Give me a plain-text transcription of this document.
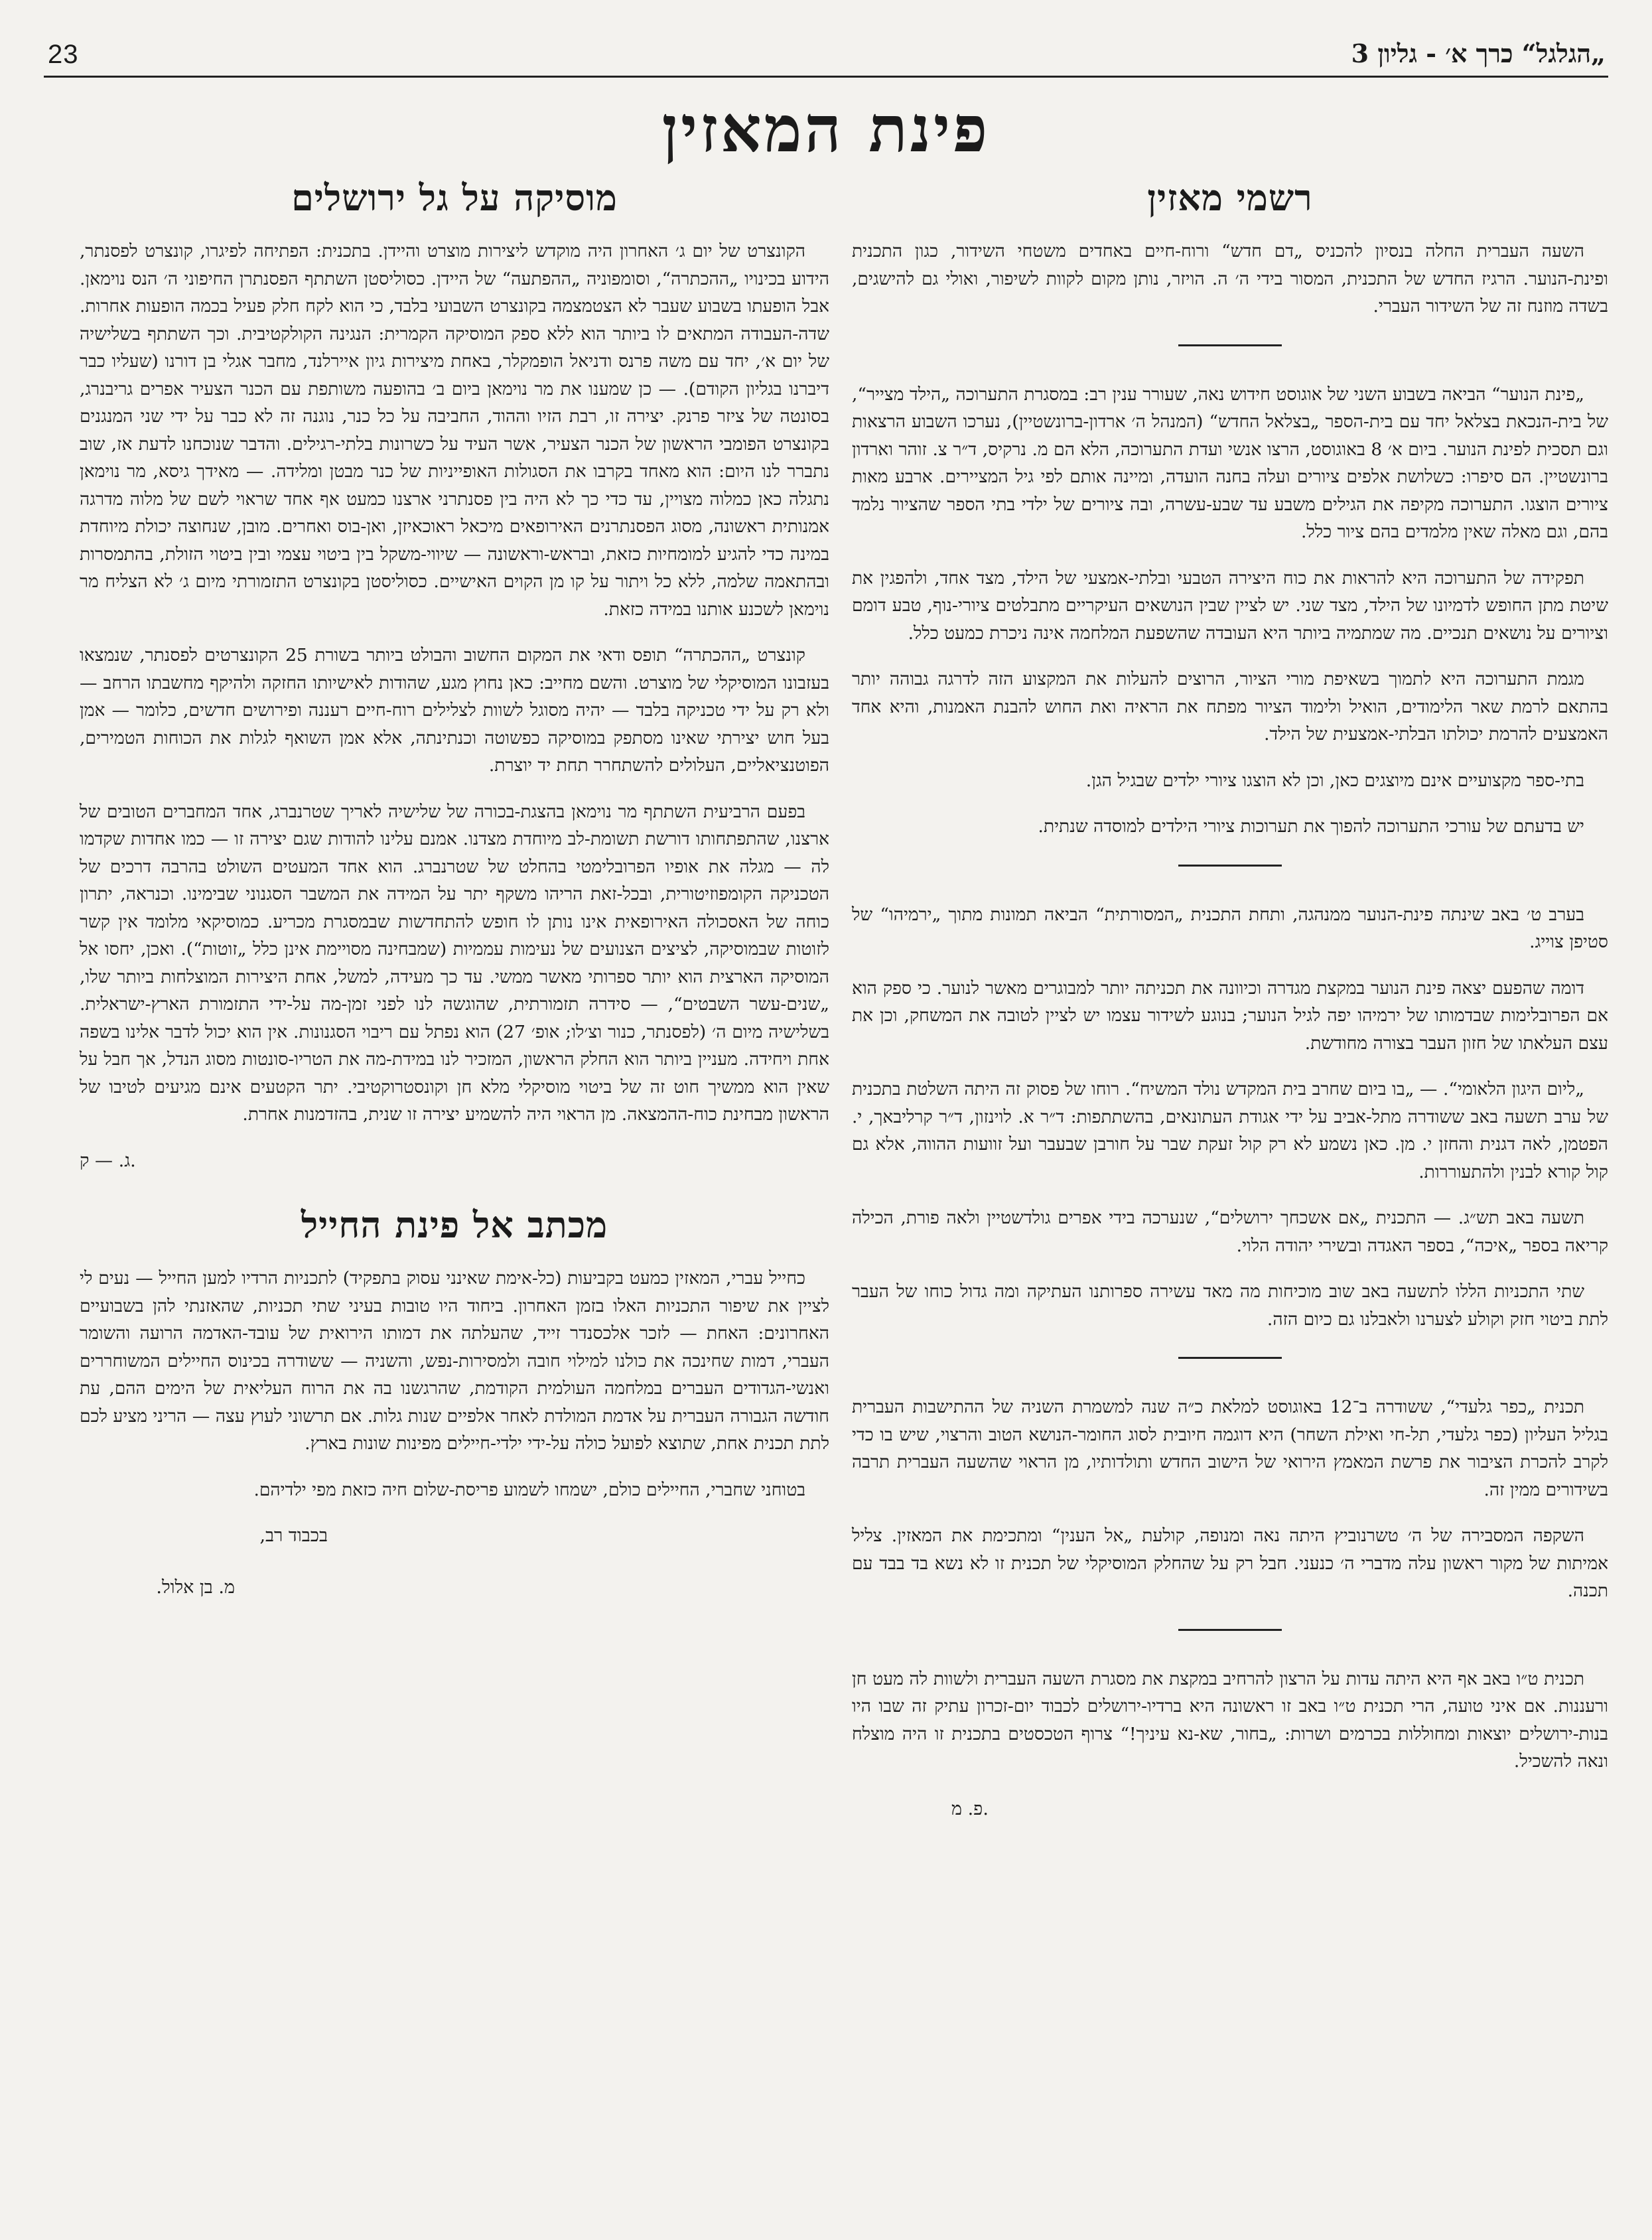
23	„הגלגל“ כרך א׳ - גליון 3
פינת המאזין
רשמי מאזין

השעה העברית החלה בנסיון להכניס „דם חדש“ ורוח-חיים באחדים משטחי השידור, כגון התכנית ופינת-הנוער. הרגיז החדש של התכנית, המסור בידי ה׳ ה. הויזר, נותן מקום לקוות לשיפור, ואולי גם להישגים, בשדה מוזנח זה של השידור העברי.

„פינת הנוער“ הביאה בשבוע השני של אוגוסט חידוש נאה, שעורר ענין רב: במסגרת התערוכה „הילד מצייר“, של בית-הנכאת בצלאל יחד עם בית-הספר „בצלאל החדש“ (המנהל ה׳ ארדון-ברונשטיין), נערכו השבוע הרצאות וגם תסכית לפינת הנוער. ביום א׳ 8 באוגוסט, הרצו אנשי ועדת התערוכה, הלא הם מ. נרקיס, ד״ר צ. זוהר וארדון ברונשטיין. הם סיפרו: כשלושת אלפים ציורים ועלה בחנה הועדה, ומיינה אותם לפי גיל המציירים. ארבע מאות ציורים הוצגו. התערוכה מקיפה את הגילים משבע עד שבע-עשרה, ובה ציורים של ילדי בתי הספר שהציור נלמד בהם, וגם מאלה שאין מלמדים בהם ציור כלל.

תפקידה של התערוכה היא להראות את כוח היצירה הטבעי ובלתי-אמצעי של הילד, מצד אחד, ולהפגין את שיטת מתן החופש לדמיונו של הילד, מצד שני. יש לציין שבין הנושאים העיקריים מתבלטים ציורי-נוף, טבע דומם וציורים על נושאים תנכיים. מה שמתמיה ביותר היא העובדה שהשפעת המלחמה אינה ניכרת כמעט כלל.

מגמת התערוכה היא לתמוך בשאיפת מורי הציור, הרוצים להעלות את המקצוע הזה לדרגה גבוהה יותר בהתאם לרמת שאר הלימודים, הואיל ולימוד הציור מפתח את הראיה ואת החוש להבנת האמנות, והיא אחד האמצעים להרמת יכולתו הבלתי-אמצעית של הילד.

בתי-ספר מקצועיים אינם מיוצגים כאן, וכן לא הוצגו ציורי ילדים שבגיל הגן.

יש בדעתם של עורכי התערוכה להפוך את תערוכות ציורי הילדים למוסדה שנתית.

בערב ט׳ באב שינתה פינת-הנוער ממנהגה, ותחת התכנית „המסורתית“ הביאה תמונות מתוך „ירמיהו“ של סטיפן צוייג.

דומה שהפעם יצאה פינת הנוער במקצת מגדרה וכיוונה את תכניתה יותר למבוגרים מאשר לנוער. כי ספק הוא אם הפרובלימות שבדמותו של ירמיהו יפה לגיל הנוער; בנוגע לשידור עצמו יש לציין לטובה את המשחק, וכן את עצם העלאתו של חזון העבר בצורה מחודשת.

„ליום היגון הלאומי“. — „בו ביום שחרב בית המקדש נולד המשיח“. רוחו של פסוק זה היתה השלטת בתכנית של ערב תשעה באב ששודרה מתל-אביב על ידי אגודת העתונאים, בהשתתפות: ד״ר א. לוינזון, ד״ר קרליבאך, י. הפטמן, לאה דגנית והחזן י. מן. כאן נשמע לא רק קול זעקת שבר על חורבן שבעבר ועל זוועות ההווה, אלא גם קול קורא לבנין ולהתעוררות.

תשעה באב תש״ג. — התכנית „אם אשכחך ירושלים“, שנערכה בידי אפרים גולדשטיין ולאה פורת, הכילה קריאה בספר „איכה“, בספר האגדה ובשירי יהודה הלוי.

שתי התכניות הללו לתשעה באב שוב מוכיחות מה מאד עשירה ספרותנו העתיקה ומה גדול כוחו של העבר לתת ביטוי חזק וקולע לצערנו ולאבלנו גם כיום הזה.

תכנית „כפר גלעדי“, ששודרה ב־12 באוגוסט למלאת כ״ה שנה למשמרת השניה של ההתישבות העברית בגליל העליון (כפר גלעדי, תל-חי ואילת השחר) היא דוגמה חיובית לסוג החומר-הנושא הטוב והרצוי, שיש בו כדי לקרב להכרת הציבור את פרשת המאמץ הירואי של הישוב החדש ותולדותיו, מן הראוי שהשעה העברית תרבה בשידורים ממין זה.

השקפה המסבירה של ה׳ טשרנוביץ היתה נאה ומנופה, קולעת „אל הענין“ ומתכימת את המאזין. צליל אמיתות של מקור ראשון עלה מדברי ה׳ כנעני. חבל רק על שהחלק המוסיקלי של תכנית זו לא נשא בד בבד עם תכנה.

תכנית ט״ו באב אף היא היתה עדות על הרצון להרחיב במקצת את מסגרת השעה העברית ולשוות לה מעט חן ורעננות. אם איני טועה, הרי תכנית ט״ו באב זו ראשונה היא ברדיו-ירושלים לכבוד יום-זכרון עתיק זה שבו היו בנות-ירושלים יוצאות ומחוללות בכרמים ושרות: „בחור, שא-נא עיניך!“ צרוף הטכסטים בתכנית זו היה מוצלח ונאה להשכיל.

פ. מ.
מוסיקה על גל ירושלים

הקונצרט של יום ג׳ האחרון היה מוקדש ליצירות מוצרט והיידן. בתכנית: הפתיחה לפיגרו, קונצרט לפסנתר, הידוע בכינויו „ההכתרה“, וסומפוניה „ההפתעה“ של היידן. כסוליסטן השתתף הפסנתרן החיפוני ה׳ הנס נוימאן. אבל הופעתו בשבוע שעבר לא הצטמצמה בקונצרט השבועי בלבד, כי הוא לקח חלק פעיל בכמה הופעות אחרות. שדה-העבודה המתאים לו ביותר הוא ללא ספק המוסיקה הקמרית: הנגינה הקולקטיבית. וכך השתתף בשלישיה של יום א׳, יחד עם משה פרנס ודניאל הופמקלר, באחת מיצירות גיון איירלנד, מחבר אגלי בן דורנו (שעליו כבר דיברנו בגליון הקודם). — כן שמענו את מר נוימאן ביום ב׳ בהופעה משותפת עם הכנר הצעיר אפרים גריבנרג, בסונטה של ציזר פרנק. יצירה זו, רבת הזיו וההוד, החביבה על כל כנר, נוגנה זה לא כבר על ידי שני המנגנים בקונצרט הפומבי הראשון של הכנר הצעיר, אשר העיד על כשרונות בלתי-רגילים. והדבר שנוכחנו לדעת אז, שוב נתברר לנו היום: הוא מאחד בקרבו את הסגולות האופייניות של כנר מבטן ומלידה. — מאידך גיסא, מר נוימאן נתגלה כאן כמלוה מצויין, עד כדי כך לא היה בין פסנתרני ארצנו כמעט אף אחד שראוי לשם של מלוה מדרגה אמנותית ראשונה, מסוג הפסנתרנים האירופאים מיכאל ראוכאיזן, ואן-בוס ואחרים. מובן, שנחוצה יכולת מיוחדת במינה כדי להגיע למומחיות כזאת, ובראש-וראשונה — שיווי-משקל בין ביטוי עצמי ובין ביטוי הזולת, בהתמסרות ובהתאמה שלמה, ללא כל ויתור על קו מן הקוים האישיים. כסוליסטן בקונצרט התזמורתי מיום ג׳ לא הצליח מר נוימאן לשכנע אותנו במידה כזאת.

קונצרט „ההכתרה“ תופס ודאי את המקום החשוב והבולט ביותר בשורת 25 הקונצרטים לפסנתר, שנמצאו בעזבונו המוסיקלי של מוצרט. והשם מחייב: כאן נחוץ מגע, שהודות לאישיותו החזקה ולהיקף מחשבתו הרחב — ולא רק על ידי טכניקה בלבד — יהיה מסוגל לשוות לצלילים רוח-חיים רעננה ופירושים חדשים, כלומר — אמן בעל חוש יצירתי שאינו מסתפק במוסיקה כפשוטה וכנתינתה, אלא אמן השואף לגלות את הכוחות הטמירים, הפוטנציאליים, העלולים להשתחרר תחת יד יוצרת.

בפעם הרביעית השתתף מר נוימאן בהצגת-בכורה של שלישיה לאריך שטרנברג, אחד המחברים הטובים של ארצנו, שהתפתחותו דורשת תשומת-לב מיוחדת מצדנו. אמנם עלינו להודות שגם יצירה זו — כמו אחדות שקדמו לה — מגלה את אופיו הפרובלימטי בהחלט של שטרנברג. הוא אחד המעטים השולט בהרבה דרכים של הטכניקה הקומפוזיטורית, ובכל-זאת הריהו משקף יתר על המידה את המשבר הסגנוני שבימינו. וכנראה, יתרון כוחה של האסכולה האירופאית אינו נותן לו חופש להתחדשות שבמסגרת מכריע. כמוסיקאי מלומד אין קשר לזוטות שבמוסיקה, לציצים הצנועים של נעימות עממיות (שמבחינה מסויימת אינן כלל „זוטות“). ואכן, יחסו אל המוסיקה הארצית הוא יותר ספרותי מאשר ממשי. עד כך מעידה, למשל, אחת היצירות המוצלחות ביותר שלו, „שנים-עשר השבטים“, — סידרה תזמורתית, שהוגשה לנו לפני זמן-מה על-ידי התזמורת הארץ-ישראלית. בשלישיה מיום ה׳ (לפסנתר, כנור וצ׳לו; אופ׳ 27) הוא נפתל עם ריבוי הסגנונות. אין הוא יכול לדבר אלינו בשפה אחת ויחידה. מעניין ביותר הוא החלק הראשון, המזכיר לנו במידת-מה את הטריו-סונטות מסוג הנדל, אך חבל על שאין הוא ממשיך חוט זה של ביטוי מוסיקלי מלא חן וקונסטרוקטיבי. יתר הקטעים אינם מגיעים לטיבו של הראשון מבחינת כוח-ההמצאה. מן הראוי היה להשמיע יצירה זו שנית, בהזדמנות אחרת.

ג. — ק.
מכתב אל פינת החייל

כחייל עברי, המאזין כמעט בקביעות (כל-אימת שאינני עסוק בתפקיד) לתכניות הרדיו למען החייל — נעים לי לציין את שיפור התכניות האלו בזמן האחרון. ביחוד היו טובות בעיני שתי תכניות, שהאזנתי להן בשבועיים האחרונים: האחת — לזכר אלכסנדר זייד, שהעלתה את דמותו הירואית של עובד-האדמה הרועה והשומר העברי, דמות שחינכה את כולנו למילוי חובה ולמסירות-נפש, והשניה — ששודרה בכינוס החיילים המשוחררים ואנשי-הגדודים העברים במלחמה העולמית הקודמת, שהרגשנו בה את הרוח העליאית של הימים ההם, עת חודשה הגבורה העברית על אדמת המולדת לאחר אלפיים שנות גלות. אם תרשוני לעוץ עצה — הריני מציע לכם לתת תכנית אחת, שתוצא לפועל כולה על-ידי ילדי-חיילים מפינות שונות בארץ.

בטוחני שחברי, החיילים כולם, ישמחו לשמוע פריסת-שלום חיה כזאת מפי ילדיהם.

בכבוד רב,

מ. בן אלול.
